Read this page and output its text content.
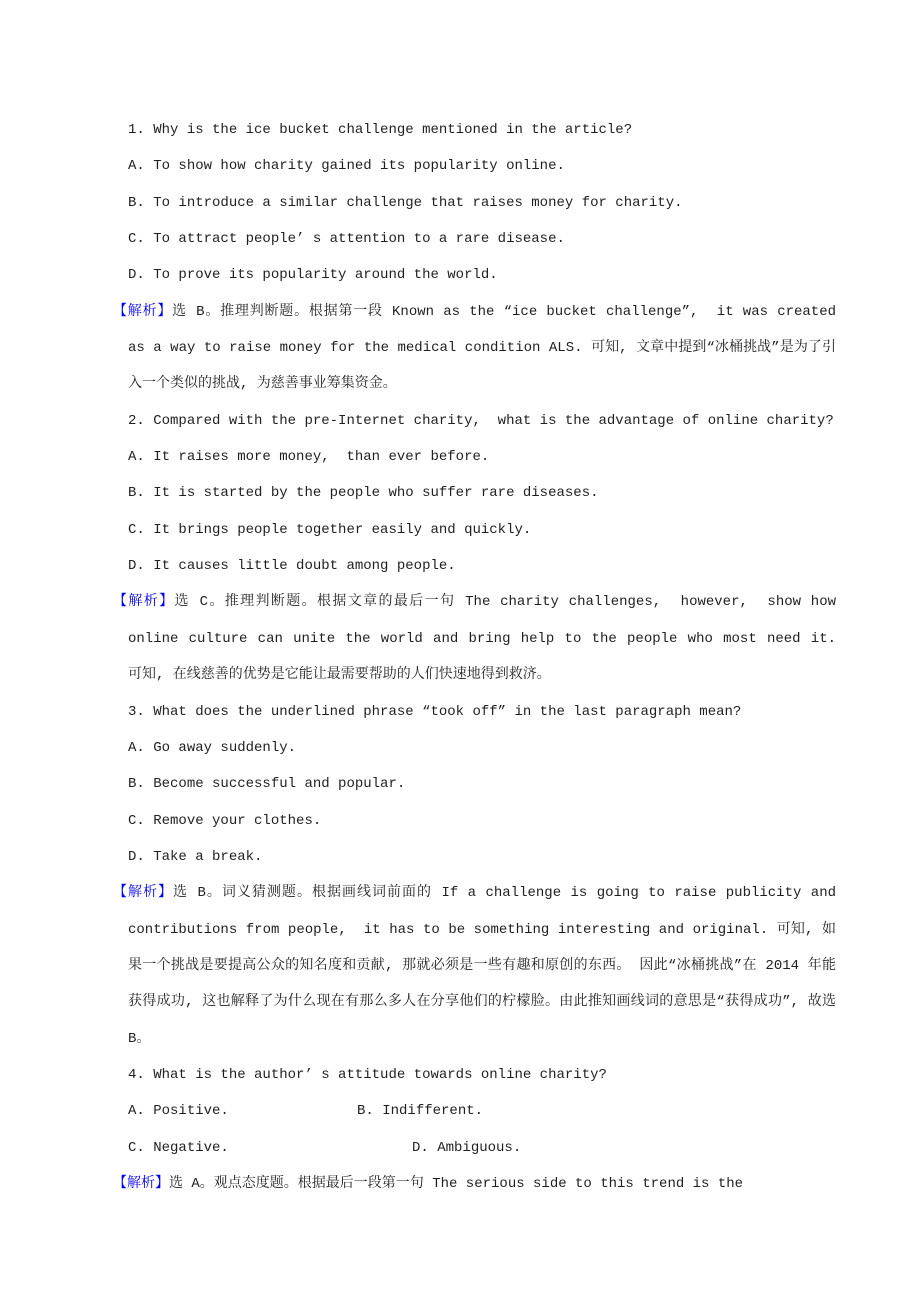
1. Why is the ice bucket challenge mentioned in the article?

A. To show how charity gained its popularity online.

B. To introduce a similar challenge that raises money for charity.

C. To attract people’ s attention to a rare disease.

D. To prove its popularity around the world.

【解析】选 B。推理判断题。根据第一段 Known as the “ice bucket challenge”,  it was created as a way to raise money for the medical condition ALS. 可知, 文章中提到“冰桶挑战”是为了引入一个类似的挑战, 为慈善事业筹集资金。

2. Compared with the pre-Internet charity,  what is the advantage of online charity?

A. It raises more money,  than ever before.

B. It is started by the people who suffer rare diseases.

C. It brings people together easily and quickly.

D. It causes little doubt among people.

【解析】选 C。推理判断题。根据文章的最后一句 The charity challenges,  however,  show how online culture can unite the world and bring help to the people who most need it.  可知, 在线慈善的优势是它能让最需要帮助的人们快速地得到救济。

3. What does the underlined phrase “took off” in the last paragraph mean?

A. Go away suddenly.

B. Become successful and popular.

C. Remove your clothes.

D. Take a break.

【解析】选 B。词义猜测题。根据画线词前面的 If a challenge is going to raise publicity and contributions from people,  it has to be something interesting and original. 可知, 如果一个挑战是要提高公众的知名度和贡献, 那就必须是一些有趣和原创的东西。 因此“冰桶挑战”在 2014 年能获得成功, 这也解释了为什么现在有那么多人在分享他们的柠檬脸。由此推知画线词的意思是“获得成功”, 故选 B。

4. What is the author’ s attitude towards online charity?

A. Positive.	B. Indifferent.

C. Negative.	D. Ambiguous.

【解析】选 A。观点态度题。根据最后一段第一句 The serious side to this trend is the
